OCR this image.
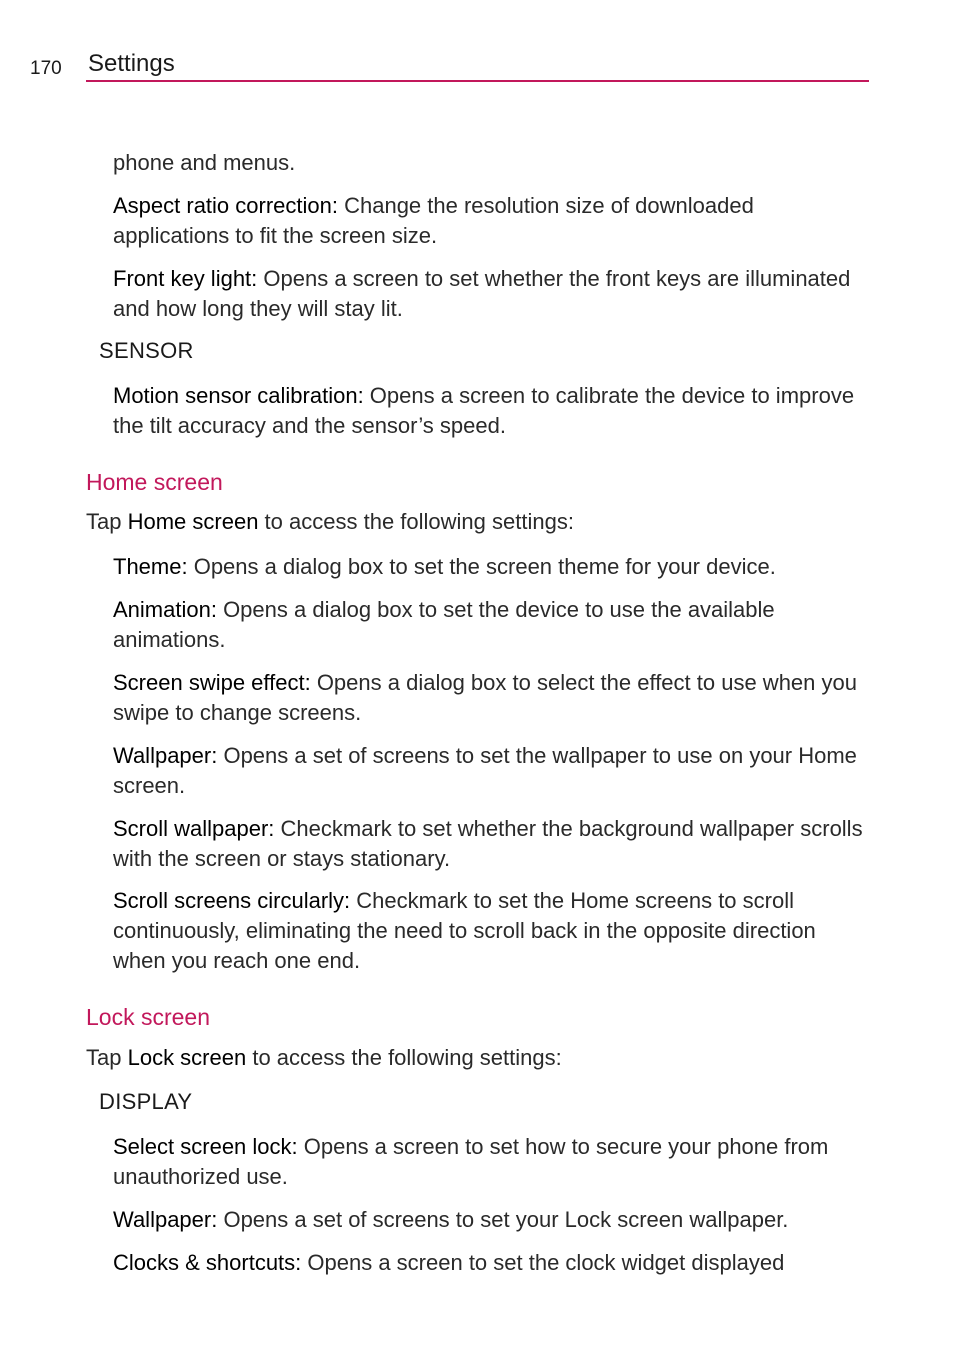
170 Settings

phone and menus.

Aspect ratio correction: Change the resolution size of downloaded applications to fit the screen size.

Front key light: Opens a screen to set whether the front keys are illuminated and how long they will stay lit.

SENSOR

Motion sensor calibration: Opens a screen to calibrate the device to improve the tilt accuracy and the sensor’s speed.

Home screen

Tap Home screen to access the following settings:

Theme: Opens a dialog box to set the screen theme for your device.

Animation: Opens a dialog box to set the device to use the available animations.

Screen swipe effect: Opens a dialog box to select the effect to use when you swipe to change screens.

Wallpaper: Opens a set of screens to set the wallpaper to use on your Home screen.

Scroll wallpaper: Checkmark to set whether the background wallpaper scrolls with the screen or stays stationary.

Scroll screens circularly: Checkmark to set the Home screens to scroll continuously, eliminating the need to scroll back in the opposite direction when you reach one end.

Lock screen

Tap Lock screen to access the following settings:

DISPLAY

Select screen lock: Opens a screen to set how to secure your phone from unauthorized use.

Wallpaper: Opens a set of screens to set your Lock screen wallpaper.

Clocks & shortcuts: Opens a screen to set the clock widget displayed
